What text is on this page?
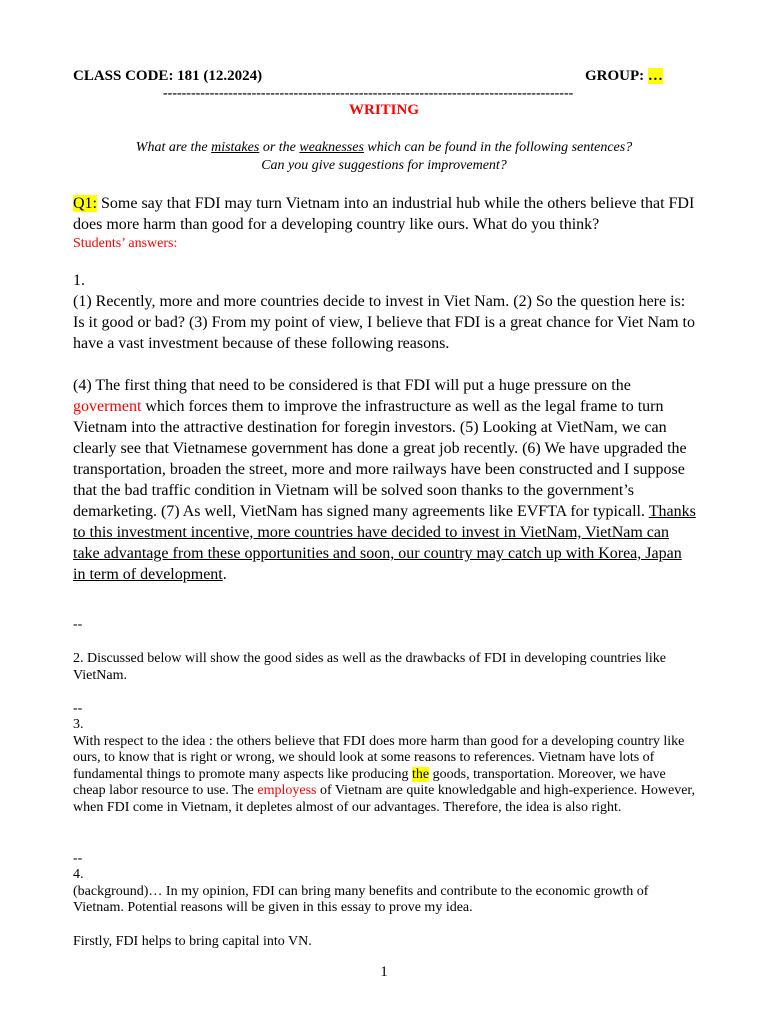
CLASS CODE: 181 (12.2024)	GROUP: …
----------------------------------------------------------------------------------------
WRITING
What are the mistakes or the weaknesses which can be found in the following sentences?
Can you give suggestions for improvement?

Q1: Some say that FDI may turn Vietnam into an industrial hub while the others believe that FDI does more harm than good for a developing country like ours. What do you think?

Students’ answers:

1.

(1) Recently, more and more countries decide to invest in Viet Nam. (2) So the question here is: Is it good or bad? (3) From my point of view, I believe that FDI is a great chance for Viet Nam to have a vast investment because of these following reasons.

(4) The first thing that need to be considered is that FDI will put a huge pressure on the goverment which forces them to improve the infrastructure as well as the legal frame to turn Vietnam into the attractive destination for foregin investors. (5) Looking at VietNam, we can clearly see that Vietnamese government has done a great job recently. (6) We have upgraded the transportation, broaden the street, more and more railways have been constructed and I suppose that the bad traffic condition in Vietnam will be solved soon thanks to the government’s demarketing. (7) As well, VietNam has signed many agreements like EVFTA for typicall. Thanks to this investment incentive, more countries have decided to invest in VietNam, VietNam can take advantage from these opportunities and soon, our country may catch up with Korea, Japan in term of development.

--
2. Discussed below will show the good sides as well as the drawbacks of FDI in developing countries like VietNam.
--

3.

With respect to the idea : the others believe that FDI does more harm than good for a developing country like ours, to know that is right or wrong, we should look at some reasons to references. Vietnam have lots of fundamental things to promote many aspects like producing the goods, transportation. Moreover, we have cheap labor resource to use. The employess of Vietnam are quite knowledgable and high-experience. However, when FDI come in Vietnam, it depletes almost of our advantages. Therefore, the idea is also right.

--

4.

(background)… In my opinion, FDI can bring many benefits and contribute to the economic growth of Vietnam. Potential reasons will be given in this essay to prove my idea.

Firstly, FDI helps to bring capital into VN.

1
